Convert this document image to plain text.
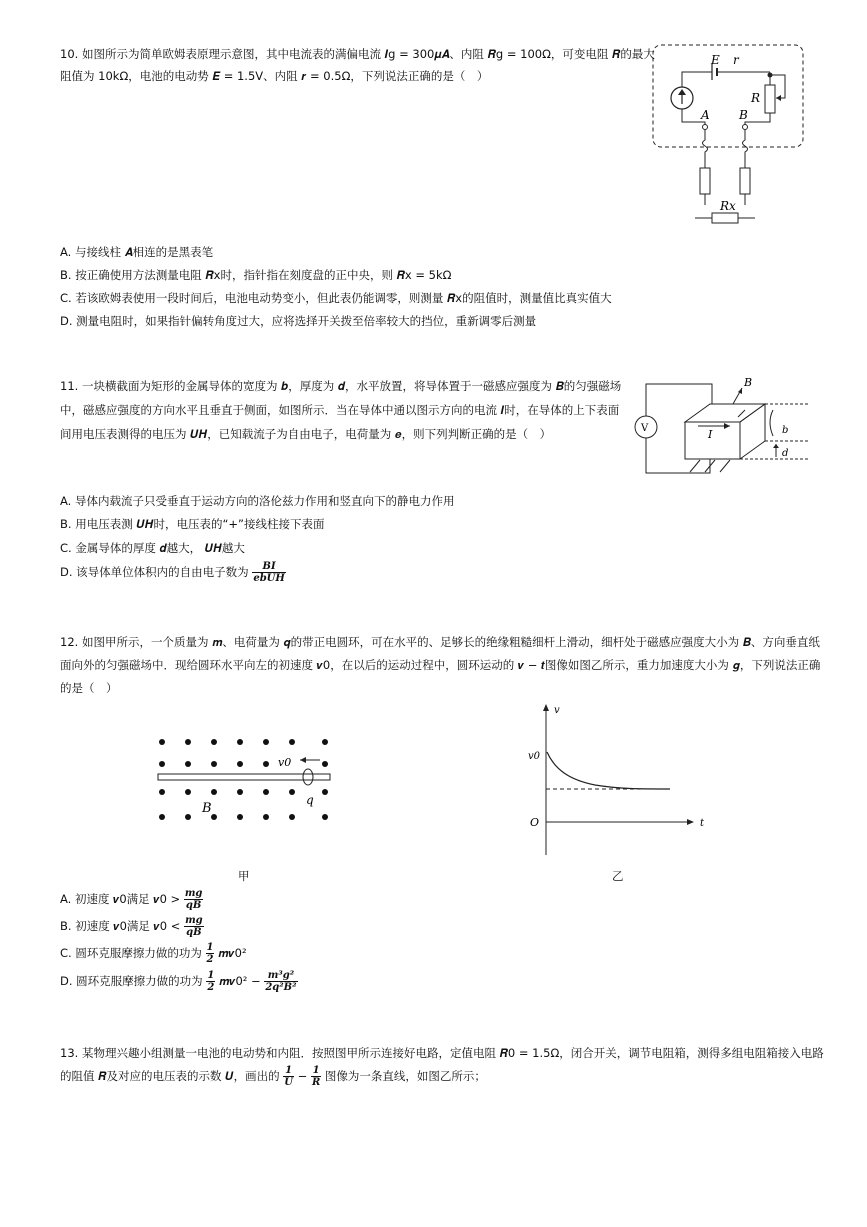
10. 如图所示为简单欧姆表原理示意图，其中电流表的满偏电流 𝑰g = 300𝝁𝑨、内阻 𝑹g = 100Ω，可变电阻 𝑹的最大
阻值为 10kΩ，电池的电动势 𝑬 = 1.5V、内阻 𝒓 = 0.5Ω，下列说法正确的是（　）
E r
R
A B
Rx
A. 与接线柱 𝑨相连的是黑表笔
B. 按正确使用方法测量电阻 𝑹x时，指针指在刻度盘的正中央，则 𝑹x = 5kΩ
C. 若该欧姆表使用一段时间后，电池电动势变小，但此表仍能调零，则测量 𝑹x的阻值时，测量值比真实值大
D. 测量电阻时，如果指针偏转角度过大，应将选择开关拨至倍率较大的挡位，重新调零后测量
11. 一块横截面为矩形的金属导体的宽度为 𝒃，厚度为 𝒅，水平放置，将导体置于一磁感应强度为 𝑩的匀强磁场
中，磁感应强度的方向水平且垂直于侧面，如图所示．当在导体中通以图示方向的电流 𝑰时，在导体的上下表面
间用电压表测得的电压为 𝑼𝑯，已知载流子为自由电子，电荷量为 𝒆，则下列判断正确的是（　）	V
B
I	b
d
A. 导体内载流子只受垂直于运动方向的洛伦兹力作用和竖直向下的静电力作用
B. 用电压表测 𝑼𝑯时，电压表的“+”接线柱接下表面
C. 金属导体的厚度 𝒅越大， 𝑼𝑯越大
D. 该导体单位体积内的自由电子数为 $\frac{BI}{\text{ebUH}}$
12. 如图甲所示，一个质量为 𝒎、电荷量为 𝒒的带正电圆环，可在水平的、足够长的绝缘粗糙细杆上滑动，细杆处于磁感应强度大小为 𝑩、方向垂直纸
面向外的匀强磁场中．现给圆环水平向左的初速度 𝒗0，在以后的运动过程中，圆环运动的 𝒗 − 𝒕图像如图乙所示，重力加速度大小为 𝒈，下列说法正确
的是（　）
v0
q
B
甲
v
t
O
v0
乙
A. 初速度 𝒗0满足 𝒗0 > $\frac{mg}{qB}$
B. 初速度 𝒗0满足 𝒗0 < $\frac{mg}{qB}$
C. 圆环克服摩擦力做的功为 $\frac{1}{2}$ 𝒎𝒗0²
D. 圆环克服摩擦力做的功为 $\frac{1}{2}$ 𝒎𝒗0² − $\frac{\text{m³g²}}{\text{2q²B²}}$
13. 某物理兴趣小组测量一电池的电动势和内阻．按照图甲所示连接好电路，定值电阻 𝑹0 = 1.5Ω，闭合开关，调节电阻箱，测得多组电阻箱接入电路
的阻值 𝑹及对应的电压表的示数 𝑼，画出的 $\frac{1}{U} - \frac{1}{R}$ 图像为一条直线，如图乙所示；
